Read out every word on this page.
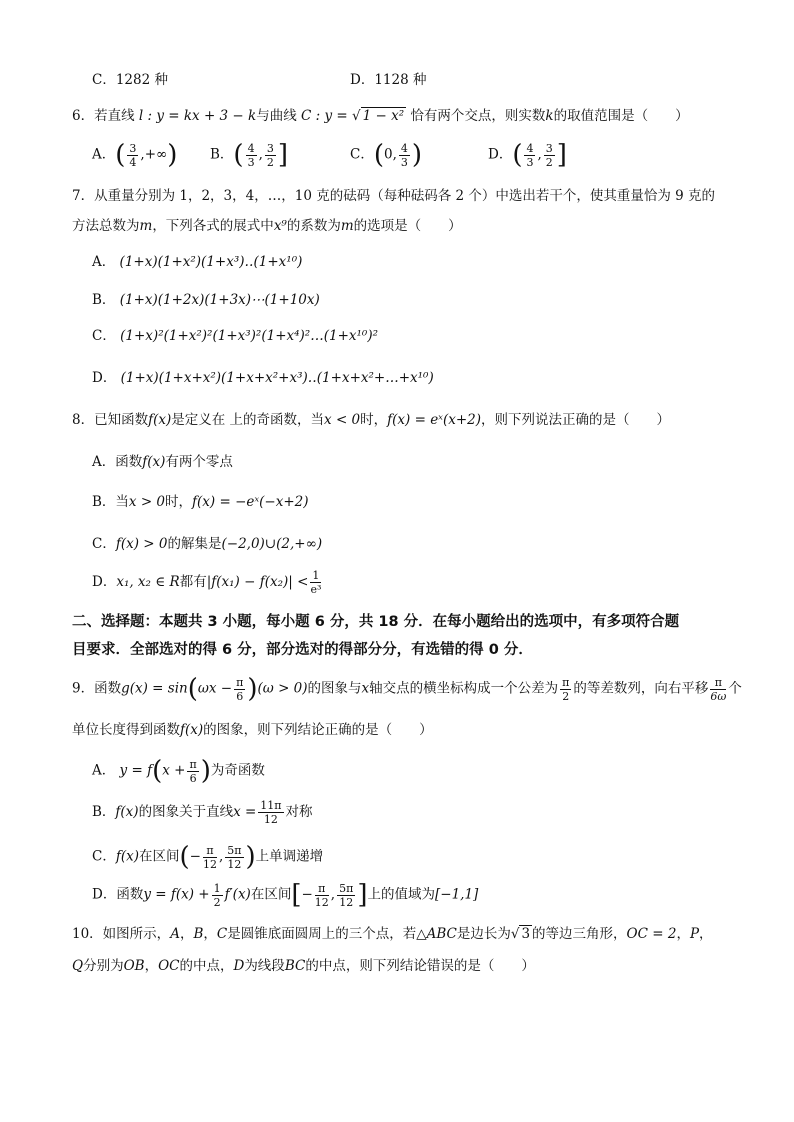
C．1282 种	D．1128 种
6．若直线 l : y = kx + 3 − k与曲线 C : y = √ 1 − x² 恰有两个交点，则实数k的取值范围是（　　）
A．( $\frac{3}{4}$ ,+∞) B．( $\frac{4}{3}$ , $\frac{3}{2}$ ]	C．(0, $\frac{4}{3}$ )	D．( $\frac{4}{3}$ , $\frac{3}{2}$ ]
7．从重量分别为 1，2，3，4，…，10 克的砝码（每种砝码各 2 个）中选出若干个，使其重量恰为 9 克的
方法总数为m，下列各式的展式中x⁹的系数为m的选项是（　　）
A． (1+x)(1+x²)(1+x³)‥(1+x¹⁰)
B． (1+x)(1+2x)(1+3x)⋯(1+10x)
C． (1+x)²(1+x²)²(1+x³)²(1+x⁴)²…(1+x¹⁰)²
D． (1+x)(1+x+x²)(1+x+x²+x³)‥(1+x+x²+…+x¹⁰)
8．已知函数f(x)是定义在 上的奇函数，当x < 0时，f(x) = eˣ(x+2)，则下列说法正确的是（　　）
A．函数f(x)有两个零点
B．当x > 0时，f(x) = −eˣ(−x+2)
C．f(x) > 0的解集是(−2,0)∪(2,+∞)
D．x₁, x₂ ∈ R都有$|f(x_1) - f(x_2)| < \frac{1}{\text{e³}}$
二、选择题：本题共 3 小题，每小题 6 分，共 18 分．在每小题给出的选项中，有多项符合题
目要求．全部选对的得 6 分，部分选对的得部分分，有选错的得 0 分．
9．函数$g(x) = \sin(\omega x - \frac{\pi}{6} )(\omega > 0)$的图象与x轴交点的横坐标构成一个公差为 $\frac{\pi}{2}$ 的等差数列，向右平移 $\frac{\pi}{6\omega}$ 个
单位长度得到函数f(x)的图象，则下列结论正确的是（　　）
A． $y = f(x + \frac{\pi}{6}$ )为奇函数
B．f(x)的图象关于直线$x = \frac{11\pi}{12}$ 对称
C．f(x)在区间(− $\frac{\pi}{12}$ , $\frac{5\pi}{12}$ )上单调递增
D．函数$y = f(x) + \frac{1}{2} f'(x)$在区间[− $\frac{\pi}{12}$ , $\frac{5\pi}{12}$ ]上的值域为[−1,1]
10．如图所示，A，B，C是圆锥底面圆周上的三个点，若△ABC是边长为√ 3 的等边三角形，OC = 2，P，
Q分别为OB，OC的中点，D为线段BC的中点，则下列结论错误的是（　　）
